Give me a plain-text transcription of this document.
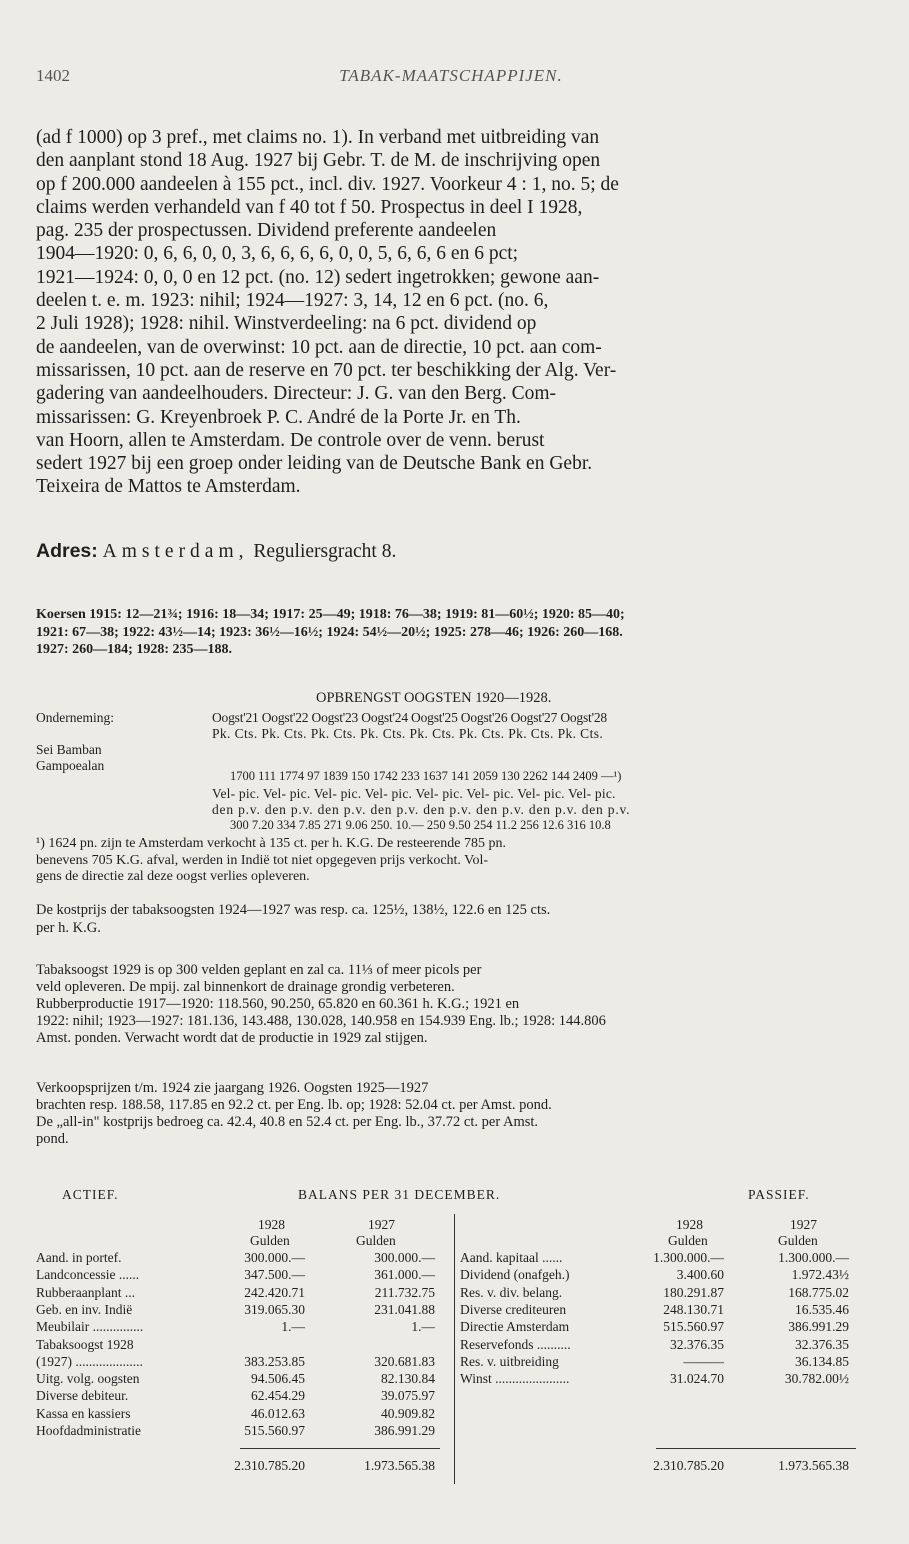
1402	TABAK-MAATSCHAPPIJEN.
(ad f 1000) op 3 pref., met claims no. 1). In verband met uitbreiding van
den aanplant stond 18 Aug. 1927 bij Gebr. T. de M. de inschrijving open
op f 200.000 aandeelen à 155 pct., incl. div. 1927. Voorkeur 4 : 1, no. 5; de
claims werden verhandeld van f 40 tot f 50. Prospectus in deel I 1928,
pag. 235 der prospectussen. Dividend preferente aandeelen
1904—1920: 0, 6, 6, 0, 0, 3, 6, 6, 6, 6, 0, 0, 5, 6, 6, 6 en 6 pct;
1921—1924: 0, 0, 0 en 12 pct. (no. 12) sedert ingetrokken; gewone aan-
deelen t. e. m. 1923: nihil; 1924—1927: 3, 14, 12 en 6 pct. (no. 6,
2 Juli 1928); 1928: nihil. Winstverdeeling: na 6 pct. dividend op
de aandeelen, van de overwinst: 10 pct. aan de directie, 10 pct. aan com-
missarissen, 10 pct. aan de reserve en 70 pct. ter beschikking der Alg. Ver-
gadering van aandeelhouders. Directeur: J. G. van den Berg. Com-
missarissen: G. Kreyenbroek P. C. André de la Porte Jr. en Th.
van Hoorn, allen te Amsterdam. De controle over de venn. berust
sedert 1927 bij een groep onder leiding van de Deutsche Bank en Gebr.
Teixeira de Mattos te Amsterdam.
Adres: Amsterdam, Reguliersgracht 8.
Koersen 1915: 12—21¾; 1916: 18—34; 1917: 25—49; 1918: 76—38; 1919: 81—60½; 1920: 85—40;
1921: 67—38; 1922: 43½—14; 1923: 36½—16½; 1924: 54½—20½; 1925: 278—46; 1926: 260—168.
1927: 260—184; 1928: 235—188.
OPBRENGST OOGSTEN 1920—1928.
Onderneming:	Oogst'21 Oogst'22 Oogst'23 Oogst'24 Oogst'25 Oogst'26 Oogst'27 Oogst'28
Pk. Cts. Pk. Cts. Pk. Cts. Pk. Cts. Pk. Cts. Pk. Cts. Pk. Cts. Pk. Cts.
Sei Bamban
Gampoealan
1700 111 1774 97 1839 150 1742 233 1637 141 2059 130 2262 144 2409 —¹)
Vel- pic. Vel- pic. Vel- pic. Vel- pic. Vel- pic. Vel- pic. Vel- pic. Vel- pic.
den p.v. den p.v. den p.v. den p.v. den p.v. den p.v. den p.v. den p.v.
300 7.20 334 7.85 271 9.06 250. 10.— 250 9.50 254 11.2 256 12.6 316 10.8
¹) 1624 pn. zijn te Amsterdam verkocht à 135 ct. per h. K.G. De resteerende 785 pn.
benevens 705 K.G. afval, werden in Indië tot niet opgegeven prijs verkocht. Vol-
gens de directie zal deze oogst verlies opleveren.
De kostprijs der tabaksoogsten 1924—1927 was resp. ca. 125½, 138½, 122.6 en 125 cts.
per h. K.G.
Tabaksoogst 1929 is op 300 velden geplant en zal ca. 11⅓ of meer picols per
veld opleveren. De mpij. zal binnenkort de drainage grondig verbeteren.
Rubberproductie 1917—1920: 118.560, 90.250, 65.820 en 60.361 h. K.G.; 1921 en
1922: nihil; 1923—1927: 181.136, 143.488, 130.028, 140.958 en 154.939 Eng. lb.; 1928: 144.806
Amst. ponden. Verwacht wordt dat de productie in 1929 zal stijgen.
Verkoopsprijzen t/m. 1924 zie jaargang 1926. Oogsten 1925—1927
brachten resp. 188.58, 117.85 en 92.2 ct. per Eng. lb. op; 1928: 52.04 ct. per Amst. pond.
De „all-in" kostprijs bedroeg ca. 42.4, 40.8 en 52.4 ct. per Eng. lb., 37.72 ct. per Amst.
pond.
ACTIEF.	BALANS PER 31 DECEMBER.	PASSIEF.
1928	1927
Gulden	Gulden
1928	1927
Gulden	Gulden
Aand. in portef.	300.000.—	300.000.—
Landconcessie ......	347.500.—	361.000.—
Rubberaanplant ...	242.420.71	211.732.75
Geb. en inv. Indië	319.065.30	231.041.88
Meubilair ...............	1.—	1.—
Tabaksoogst 1928
(1927) ....................	383.253.85	320.681.83
Uitg. volg. oogsten	94.506.45	82.130.84
Diverse debiteur.	62.454.29	39.075.97
Kassa en kassiers	46.012.63	40.909.82
Hoofdadministratie	515.560.97	386.991.29
Aand. kapitaal ......	1.300.000.—	1.300.000.—
Dividend (onafgeh.)	3.400.60	1.972.43½
Res. v. div. belang.	180.291.87	168.775.02
Diverse crediteuren	248.130.71	16.535.46
Directie Amsterdam	515.560.97	386.991.29
Reservefonds ..........	32.376.35	32.376.35
Res. v. uitbreiding	———	36.134.85
Winst ......................	31.024.70	30.782.00½
2.310.785.20	1.973.565.38	2.310.785.20	1.973.565.38
